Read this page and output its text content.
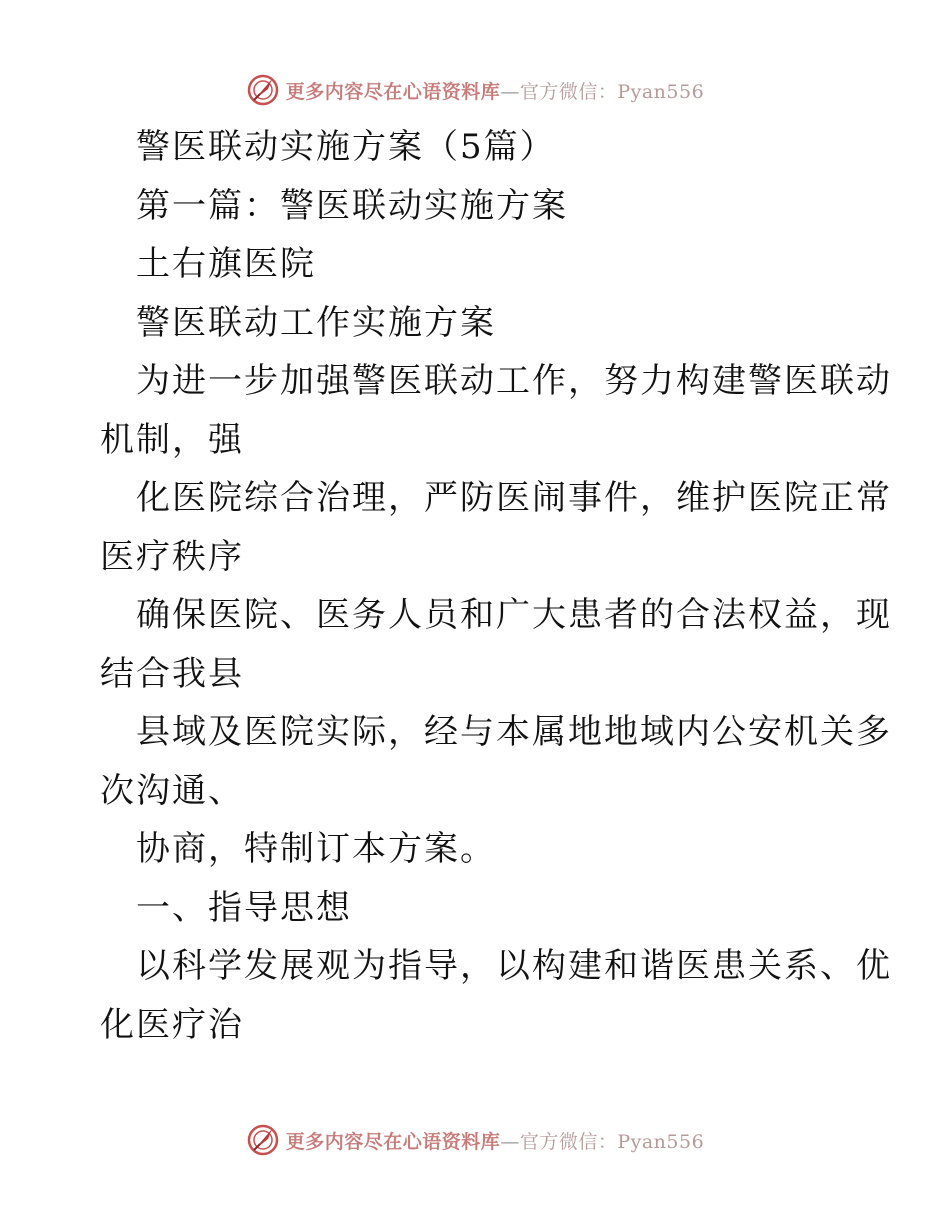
更多内容尽在心语资料库—官方微信：Pyan556
警医联动实施方案（5篇）
第一篇：警医联动实施方案
土右旗医院
警医联动工作实施方案
为进一步加强警医联动工作，努力构建警医联动
机制，强
化医院综合治理，严防医闹事件，维护医院正常
医疗秩序
确保医院、医务人员和广大患者的合法权益，现
结合我县
县域及医院实际，经与本属地地域内公安机关多
次沟通、
协商，特制订本方案。
一、指导思想
以科学发展观为指导，以构建和谐医患关系、优
化医疗治
更多内容尽在心语资料库—官方微信：Pyan556
